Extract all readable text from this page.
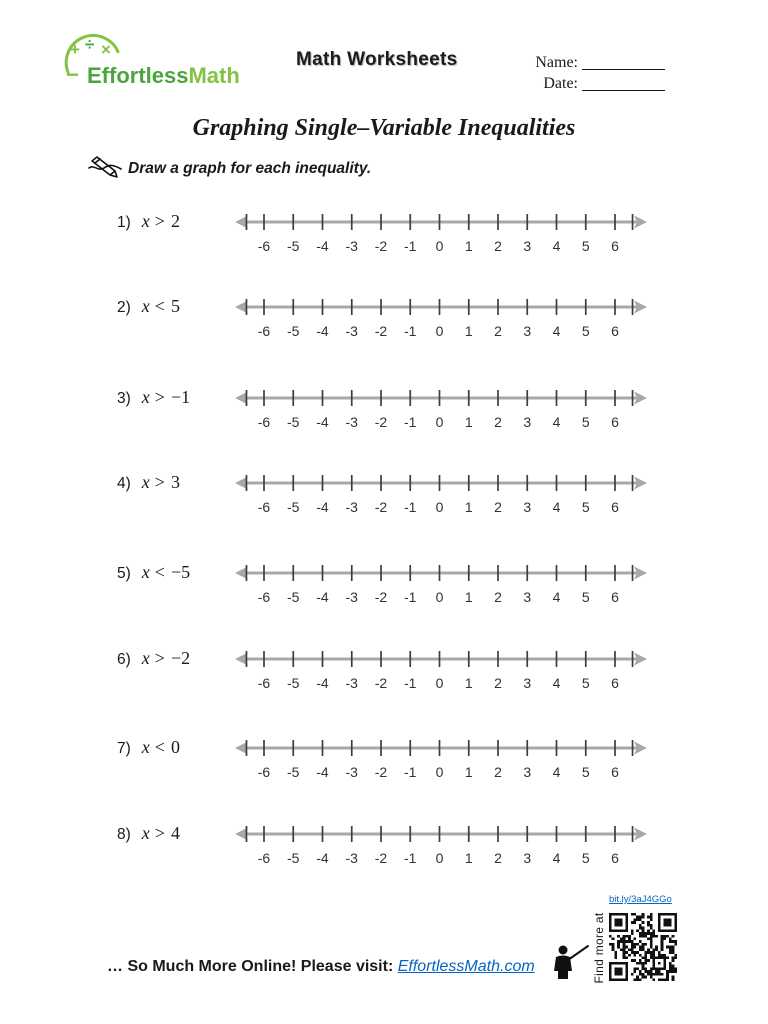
+ ÷ ×
− EffortlessMath
Math Worksheets	Name:
Date:
Graphing Single–Variable Inequalities
Draw a graph for each inequality.
1) x > 2
-6 -5 -4 -3 -2 -1 0 1 2 3 4 5 6
2) x < 5
-6 -5 -4 -3 -2 -1 0 1 2 3 4 5 6
3) x > −1
-6 -5 -4 -3 -2 -1 0 1 2 3 4 5 6
4) x > 3
-6 -5 -4 -3 -2 -1 0 1 2 3 4 5 6
5) x < −5
-6 -5 -4 -3 -2 -1 0 1 2 3 4 5 6
6) x > −2
-6 -5 -4 -3 -2 -1 0 1 2 3 4 5 6
7) x < 0
-6 -5 -4 -3 -2 -1 0 1 2 3 4 5 6
8) x > 4
-6 -5 -4 -3 -2 -1 0 1 2 3 4 5 6
bit.ly/3aJ4GGo
Find more at
… So Much More Online! Please visit: EffortlessMath.com
